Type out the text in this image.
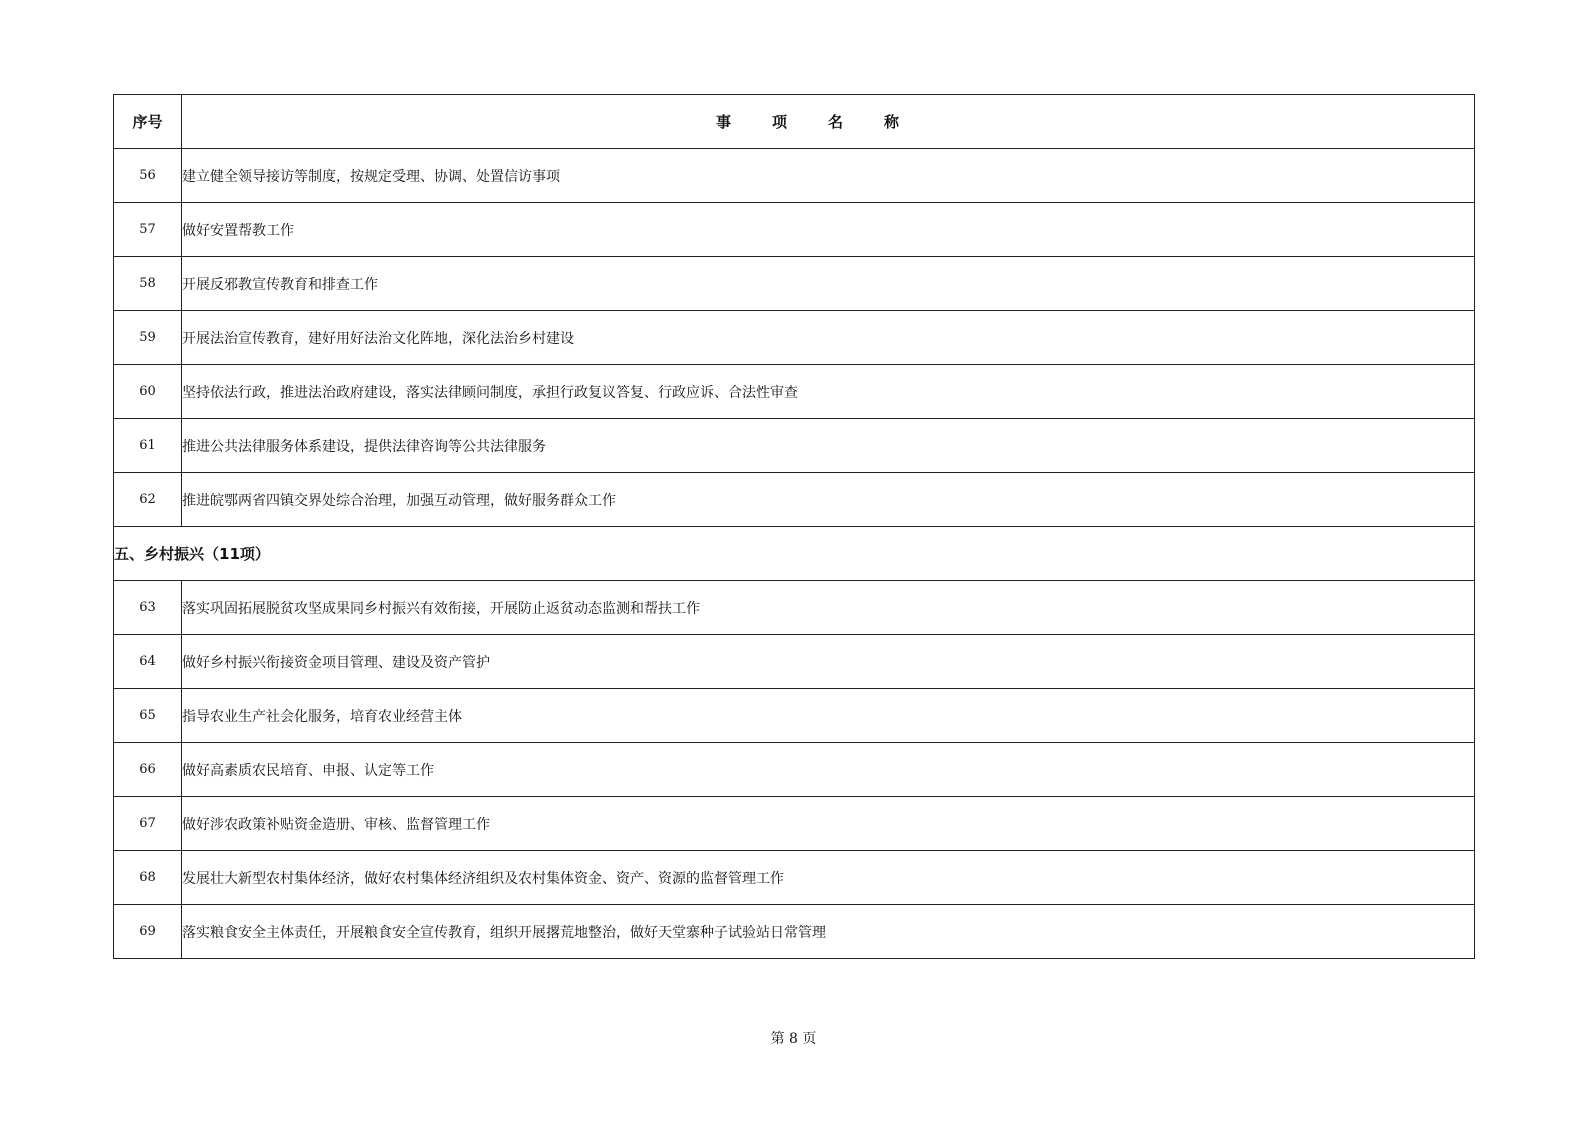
序号	事项名称
56	建立健全领导接访等制度，按规定受理、协调、处置信访事项
57	做好安置帮教工作
58	开展反邪教宣传教育和排查工作
59	开展法治宣传教育，建好用好法治文化阵地，深化法治乡村建设
60	坚持依法行政，推进法治政府建设，落实法律顾问制度，承担行政复议答复、行政应诉、合法性审查
61	推进公共法律服务体系建设，提供法律咨询等公共法律服务
62	推进皖鄂两省四镇交界处综合治理，加强互动管理，做好服务群众工作
五、乡村振兴（11项）	
63	落实巩固拓展脱贫攻坚成果同乡村振兴有效衔接，开展防止返贫动态监测和帮扶工作
64	做好乡村振兴衔接资金项目管理、建设及资产管护
65	指导农业生产社会化服务，培育农业经营主体
66	做好高素质农民培育、申报、认定等工作
67	做好涉农政策补贴资金造册、审核、监督管理工作
68	发展壮大新型农村集体经济，做好农村集体经济组织及农村集体资金、资产、资源的监督管理工作
69	落实粮食安全主体责任，开展粮食安全宣传教育，组织开展撂荒地整治，做好天堂寨种子试验站日常管理
第 8 页
